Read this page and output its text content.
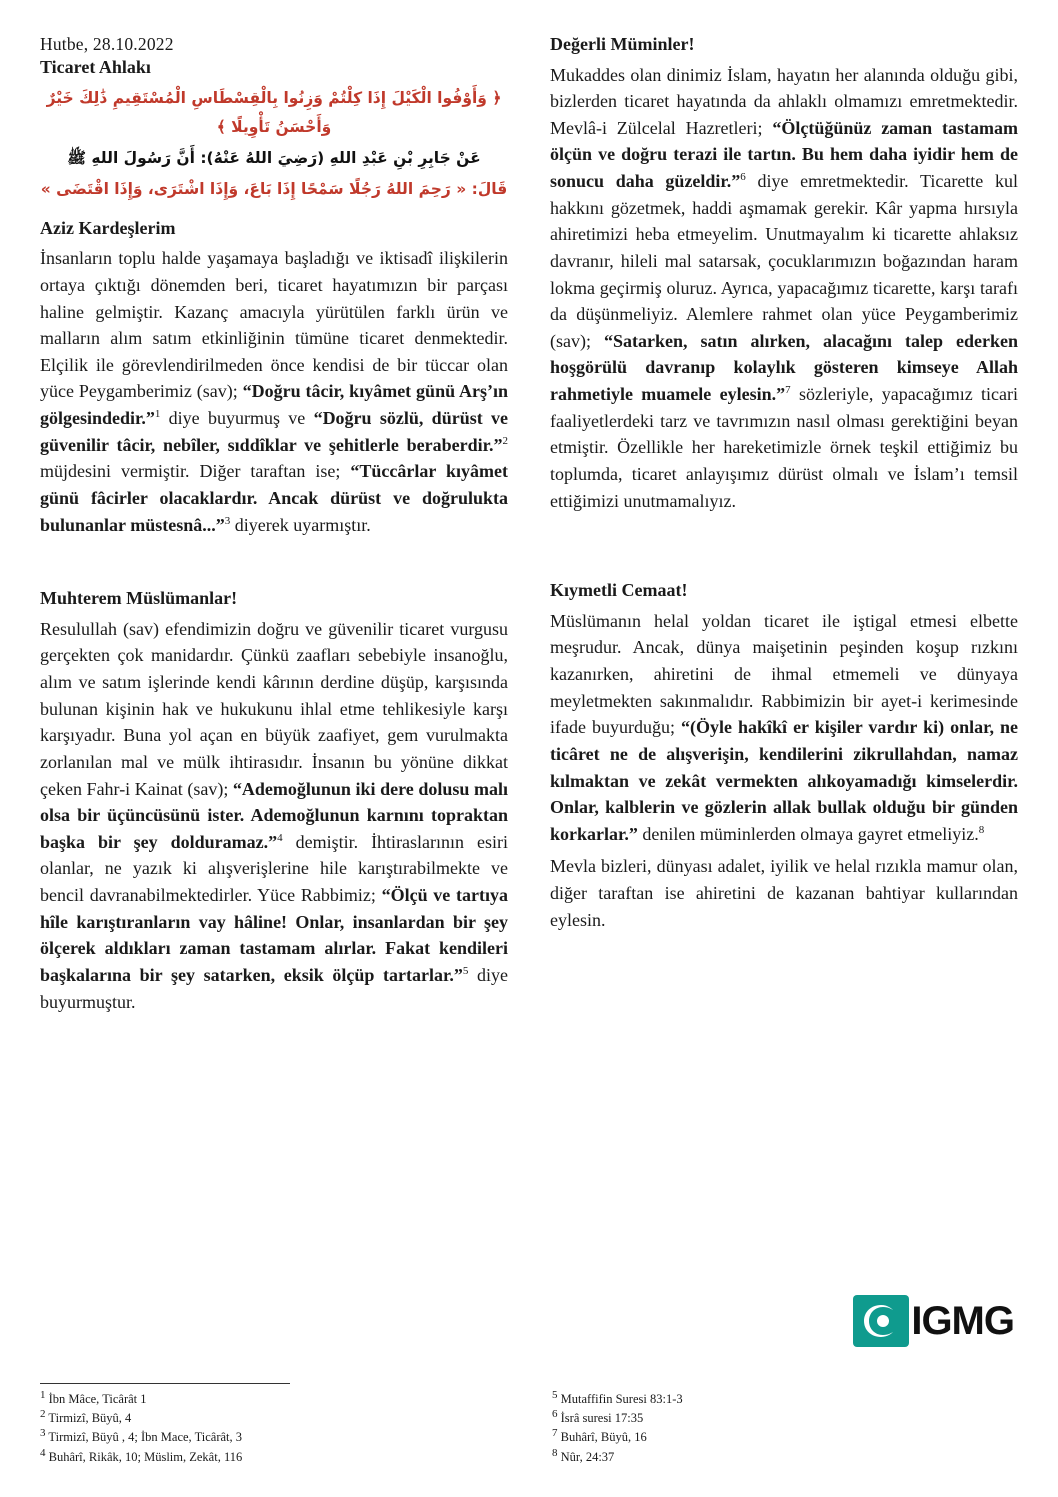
Hutbe, 28.10.2022
Ticaret Ahlakı
﴿ وَأَوْفُوا الْكَيْلَ إِذَا كِلْتُمْ وَزِنُوا بِالْقِسْطَاسِ الْمُسْتَقِيمِ ذَٰلِكَ خَيْرٌ وَأَحْسَنُ تَأْوِيلًا ﴾
عَنْ جَابِرِ بْنِ عَبْدِ اللهِ (رَضِيَ اللهُ عَنْهُ): أَنَّ رَسُولَ اللهِ ﷺ
قَالَ: « رَحِمَ اللهُ رَجُلًا سَمْحًا إِذَا بَاعَ، وَإِذَا اشْتَرَى، وَإِذَا اقْتَضَى »
Aziz Kardeşlerim

İnsanların toplu halde yaşamaya başladığı ve iktisadî ilişkilerin ortaya çıktığı dönemden beri, ticaret hayatımızın bir parçası haline gelmiştir. Kazanç amacıyla yürütülen farklı ürün ve malların alım satım etkinliğinin tümüne ticaret denmektedir. Elçilik ile görevlendirilmeden önce kendisi de bir tüccar olan yüce Peygamberimiz (sav); “Doğru tâcir, kıyâmet günü Arş’ın gölgesindedir.”$^1$ diye buyurmuş ve “Doğru sözlü, dürüst ve güvenilir tâcir, nebîler, sıddîklar ve şehitlerle beraberdir.”$^2$ müjdesini vermiştir. Diğer taraftan ise; “Tüccârlar kıyâmet günü fâcirler olacaklardır. Ancak dürüst ve doğrulukta bulunanlar müstesnâ...”$^3$ diyerek uyarmıştır.

Muhterem Müslümanlar!

Resulullah (sav) efendimizin doğru ve güvenilir ticaret vurgusu gerçekten çok manidardır. Çünkü zaafları sebebiyle insanoğlu, alım ve satım işlerinde kendi kârının derdine düşüp, karşısında bulunan kişinin hak ve hukukunu ihlal etme tehlikesiyle karşı karşıyadır. Buna yol açan en büyük zaafiyet, gem vurulmakta zorlanılan mal ve mülk ihtirasıdır. İnsanın bu yönüne dikkat çeken Fahr-i Kainat (sav); “Ademoğlunun iki dere dolusu malı olsa bir üçüncüsünü ister. Ademoğlunun karnını topraktan başka bir şey dolduramaz.”$^4$ demiştir. İhtiraslarının esiri olanlar, ne yazık ki alışverişlerine hile karıştırabilmekte ve bencil davranabilmektedirler. Yüce Rabbimiz; “Ölçü ve tartıya hîle karıştıranların vay hâline! Onlar, insanlardan bir şey ölçerek aldıkları zaman tastamam alırlar. Fakat kendileri başkalarına bir şey satarken, eksik ölçüp tartarlar.”$^5$ diye buyurmuştur.

Değerli Müminler!

Mukaddes olan dinimiz İslam, hayatın her alanında olduğu gibi, bizlerden ticaret hayatında da ahlaklı olmamızı emretmektedir. Mevlâ-i Zülcelal Hazretleri; “Ölçtüğünüz zaman tastamam ölçün ve doğru terazi ile tartın. Bu hem daha iyidir hem de sonucu daha güzeldir.”$^6$ diye emretmektedir. Ticarette kul hakkını gözetmek, haddi aşmamak gerekir. Kâr yapma hırsıyla ahiretimizi heba etmeyelim. Unutmayalım ki ticarette ahlaksız davranır, hileli mal satarsak, çocuklarımızın boğazından haram lokma geçirmiş oluruz. Ayrıca, yapacağımız ticarette, karşı tarafı da düşünmeliyiz. Alemlere rahmet olan yüce Peygamberimiz (sav); “Satarken, satın alırken, alacağını talep ederken hoşgörülü davranıp kolaylık gösteren kimseye Allah rahmetiyle muamele eylesin.”$^7$ sözleriyle, yapacağımız ticari faaliyetlerdeki tarz ve tavrımızın nasıl olması gerektiğini beyan etmiştir. Özellikle her hareketimizle örnek teşkil ettiğimiz bu toplumda, ticaret anlayışımız dürüst olmalı ve İslam’ı temsil ettiğimizi unutmamalıyız.

Kıymetli Cemaat!

Müslümanın helal yoldan ticaret ile iştigal etmesi elbette meşrudur. Ancak, dünya maişetinin peşinden koşup rızkını kazanırken, ahiretini de ihmal etmemeli ve dünyaya meyletmekten sakınmalıdır. Rabbimizin bir ayet-i kerimesinde ifade buyurduğu; “(Öyle hakîkî er kişiler vardır ki) onlar, ne ticâret ne de alışverişin, kendilerini zikrullahdan, namaz kılmaktan ve zekât vermekten alıkoyamadığı kimselerdir. Onlar, kalblerin ve gözlerin allak bullak olduğu bir günden korkarlar.” denilen müminlerden olmaya gayret etmeliyiz.$^8$

Mevla bizleri, dünyası adalet, iyilik ve helal rızıkla mamur olan, diğer taraftan ise ahiretini de kazanan bahtiyar kullarından eylesin.

IGMG
$^1$ İbn Mâce, Ticârât 1
$^2$ Tirmizî, Büyû, 4
$^3$ Tirmizî, Büyû , 4; İbn Mace, Ticârât, 3
$^4$ Buhârî, Rikâk, 10; Müslim, Zekât, 116
$^5$ Mutaffifin Suresi 83:1-3
$^6$ İsrâ suresi 17:35
$^7$ Buhârî, Büyû, 16
$^8$ Nûr, 24:37
